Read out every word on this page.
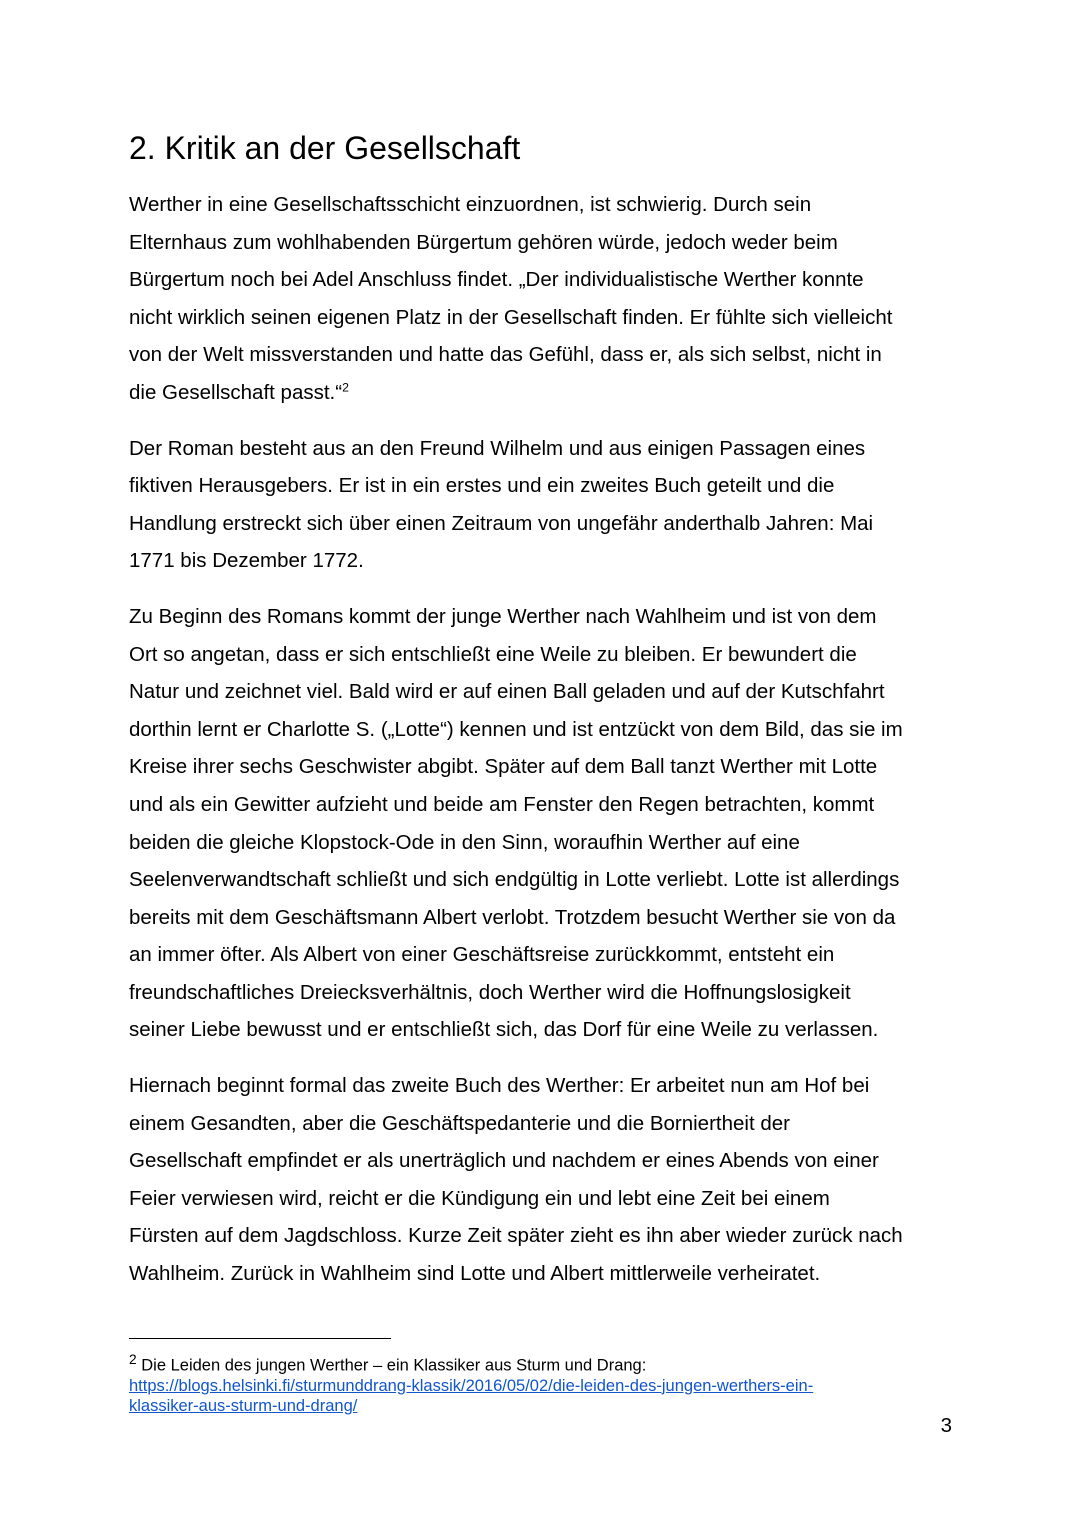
2. Kritik an der Gesellschaft

Werther in eine Gesellschaftsschicht einzuordnen, ist schwierig. Durch sein
Elternhaus zum wohlhabenden Bürgertum gehören würde, jedoch weder beim
Bürgertum noch bei Adel Anschluss findet. „Der individualistische Werther konnte
nicht wirklich seinen eigenen Platz in der Gesellschaft finden. Er fühlte sich vielleicht
von der Welt missverstanden und hatte das Gefühl, dass er, als sich selbst, nicht in
die Gesellschaft passt.“$^2$

Der Roman besteht aus an den Freund Wilhelm und aus einigen Passagen eines
fiktiven Herausgebers. Er ist in ein erstes und ein zweites Buch geteilt und die
Handlung erstreckt sich über einen Zeitraum von ungefähr anderthalb Jahren: Mai
1771 bis Dezember 1772.

Zu Beginn des Romans kommt der junge Werther nach Wahlheim und ist von dem
Ort so angetan, dass er sich entschließt eine Weile zu bleiben. Er bewundert die
Natur und zeichnet viel. Bald wird er auf einen Ball geladen und auf der Kutschfahrt
dorthin lernt er Charlotte S. („Lotte“) kennen und ist entzückt von dem Bild, das sie im
Kreise ihrer sechs Geschwister abgibt. Später auf dem Ball tanzt Werther mit Lotte
und als ein Gewitter aufzieht und beide am Fenster den Regen betrachten, kommt
beiden die gleiche Klopstock-Ode in den Sinn, woraufhin Werther auf eine
Seelenverwandtschaft schließt und sich endgültig in Lotte verliebt. Lotte ist allerdings
bereits mit dem Geschäftsmann Albert verlobt. Trotzdem besucht Werther sie von da
an immer öfter. Als Albert von einer Geschäftsreise zurückkommt, entsteht ein
freundschaftliches Dreiecksverhältnis, doch Werther wird die Hoffnungslosigkeit
seiner Liebe bewusst und er entschließt sich, das Dorf für eine Weile zu verlassen.

Hiernach beginnt formal das zweite Buch des Werther: Er arbeitet nun am Hof bei
einem Gesandten, aber die Geschäftspedanterie und die Borniertheit der
Gesellschaft empfindet er als unerträglich und nachdem er eines Abends von einer
Feier verwiesen wird, reicht er die Kündigung ein und lebt eine Zeit bei einem
Fürsten auf dem Jagdschloss. Kurze Zeit später zieht es ihn aber wieder zurück nach
Wahlheim. Zurück in Wahlheim sind Lotte und Albert mittlerweile verheiratet.

$^2$ Die Leiden des jungen Werther – ein Klassiker aus Sturm und Drang:
https://blogs.helsinki.fi/sturmunddrang-klassik/2016/05/02/die-leiden-des-jungen-werthers-ein-
klassiker-aus-sturm-und-drang/
3
